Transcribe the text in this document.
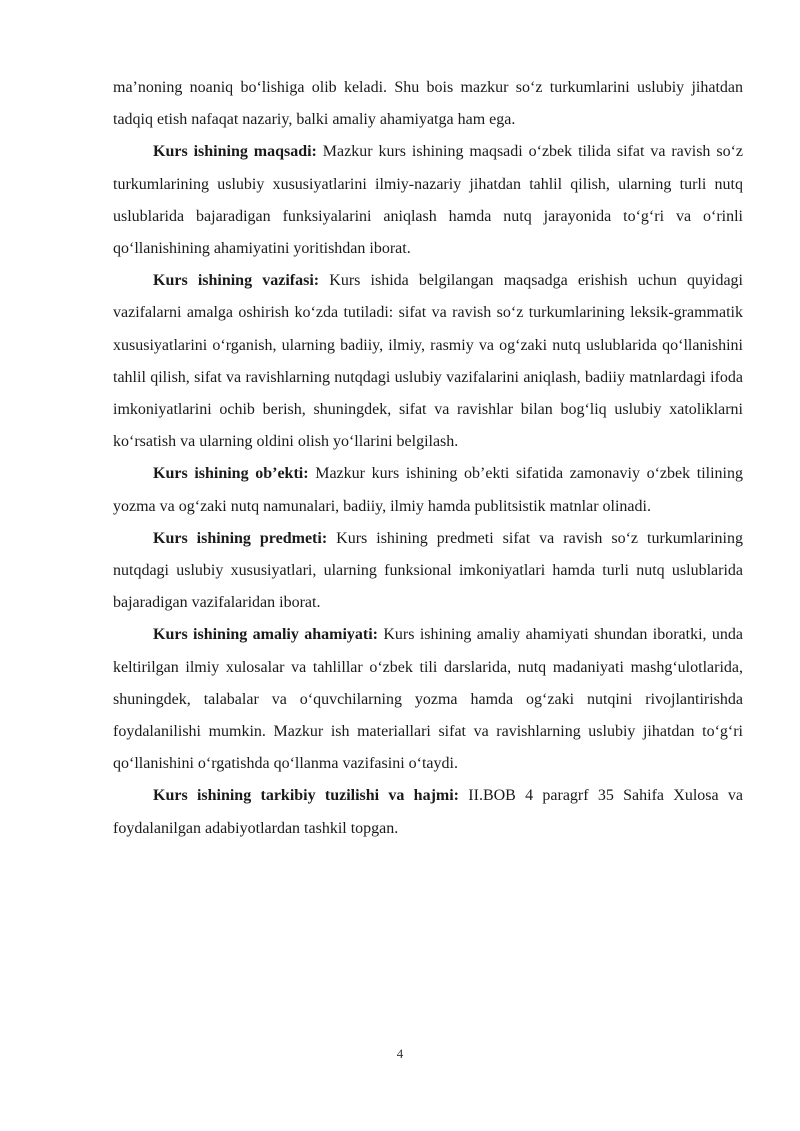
ma’noning noaniq bo‘lishiga olib keladi. Shu bois mazkur so‘z turkumlarini uslubiy jihatdan tadqiq etish nafaqat nazariy, balki amaliy ahamiyatga ham ega.

Kurs ishining maqsadi: Mazkur kurs ishining maqsadi o‘zbek tilida sifat va ravish so‘z turkumlarining uslubiy xususiyatlarini ilmiy-nazariy jihatdan tahlil qilish, ularning turli nutq uslublarida bajaradigan funksiyalarini aniqlash hamda nutq jarayonida to‘g‘ri va o‘rinli qo‘llanishining ahamiyatini yoritishdan iborat.

Kurs ishining vazifasi: Kurs ishida belgilangan maqsadga erishish uchun quyidagi vazifalarni amalga oshirish ko‘zda tutiladi: sifat va ravish so‘z turkumlarining leksik-grammatik xususiyatlarini o‘rganish, ularning badiiy, ilmiy, rasmiy va og‘zaki nutq uslublarida qo‘llanishini tahlil qilish, sifat va ravishlarning nutqdagi uslubiy vazifalarini aniqlash, badiiy matnlardagi ifoda imkoniyatlarini ochib berish, shuningdek, sifat va ravishlar bilan bog‘liq uslubiy xatoliklarni ko‘rsatish va ularning oldini olish yo‘llarini belgilash.

Kurs ishining ob’ekti: Mazkur kurs ishining ob’ekti sifatida zamonaviy o‘zbek tilining yozma va og‘zaki nutq namunalari, badiiy, ilmiy hamda publitsistik matnlar olinadi.

Kurs ishining predmeti: Kurs ishining predmeti sifat va ravish so‘z turkumlarining nutqdagi uslubiy xususiyatlari, ularning funksional imkoniyatlari hamda turli nutq uslublarida bajaradigan vazifalaridan iborat.

Kurs ishining amaliy ahamiyati: Kurs ishining amaliy ahamiyati shundan iboratki, unda keltirilgan ilmiy xulosalar va tahlillar o‘zbek tili darslarida, nutq madaniyati mashg‘ulotlarida, shuningdek, talabalar va o‘quvchilarning yozma hamda og‘zaki nutqini rivojlantirishda foydalanilishi mumkin. Mazkur ish materiallari sifat va ravishlarning uslubiy jihatdan to‘g‘ri qo‘llanishini o‘rgatishda qo‘llanma vazifasini o‘taydi.

Kurs ishining tarkibiy tuzilishi va hajmi: II.BOB 4 paragrf 35 Sahifa Xulosa va foydalanilgan adabiyotlardan tashkil topgan.

4
